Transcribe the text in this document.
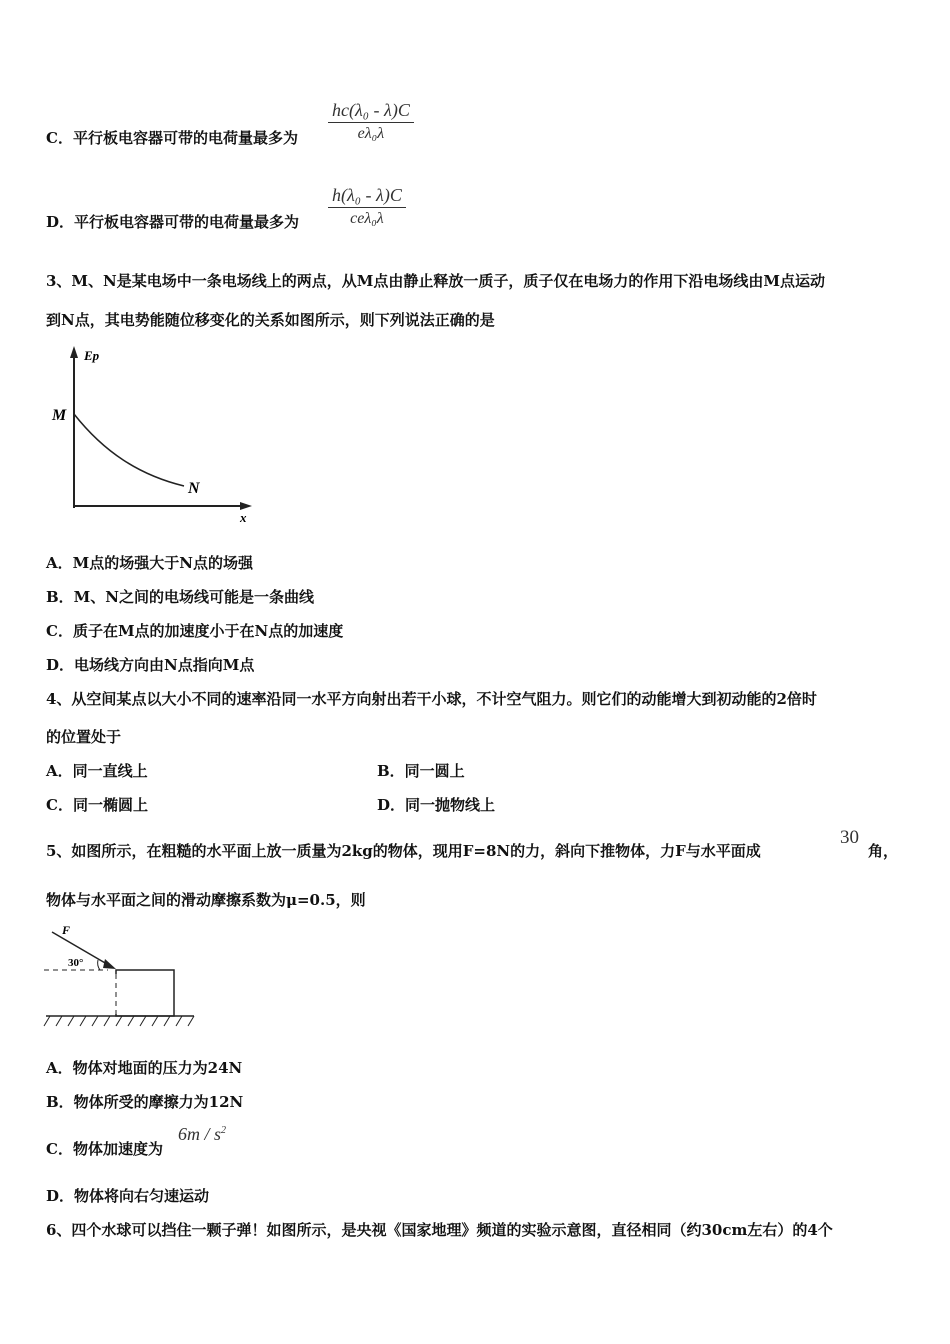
C．平行板电容器可带的电荷量最多为 $\frac{\text{hc(λ₀ - λ)C}}{\text{eλ₀λ}}$
D．平行板电容器可带的电荷量最多为
h(λ₀ - λ)C
ceλ₀λ
3、M、N是某电场中一条电场线上的两点，从M点由静止释放一质子，质子仅在电场力的作用下沿电场线由M点运动
到N点，其电势能随位移变化的关系如图所示，则下列说法正确的是
Ep
x
M
N
A．M点的场强大于N点的场强
B．M、N之间的电场线可能是一条曲线
C．质子在M点的加速度小于在N点的加速度
D．电场线方向由N点指向M点
4、从空间某点以大小不同的速率沿同一水平方向射出若干小球，不计空气阻力。则它们的动能增大到初动能的2倍时
的位置处于
A．同一直线上	B．同一圆上
C．同一椭圆上	D．同一抛物线上
5、如图所示，在粗糙的水平面上放一质量为2kg的物体，现用F=8N的力，斜向下推物体，力F与水平面成
30
角，
物体与水平面之间的滑动摩擦系数为μ=0.5，则
F
30°
A．物体对地面的压力为24N
B．物体所受的摩擦力为12N
C．物体加速度为
$6m / s^2$
D．物体将向右匀速运动
6、四个水球可以挡住一颗子弹！如图所示，是央视《国家地理》频道的实验示意图，直径相同（约30cm左右）的4个
